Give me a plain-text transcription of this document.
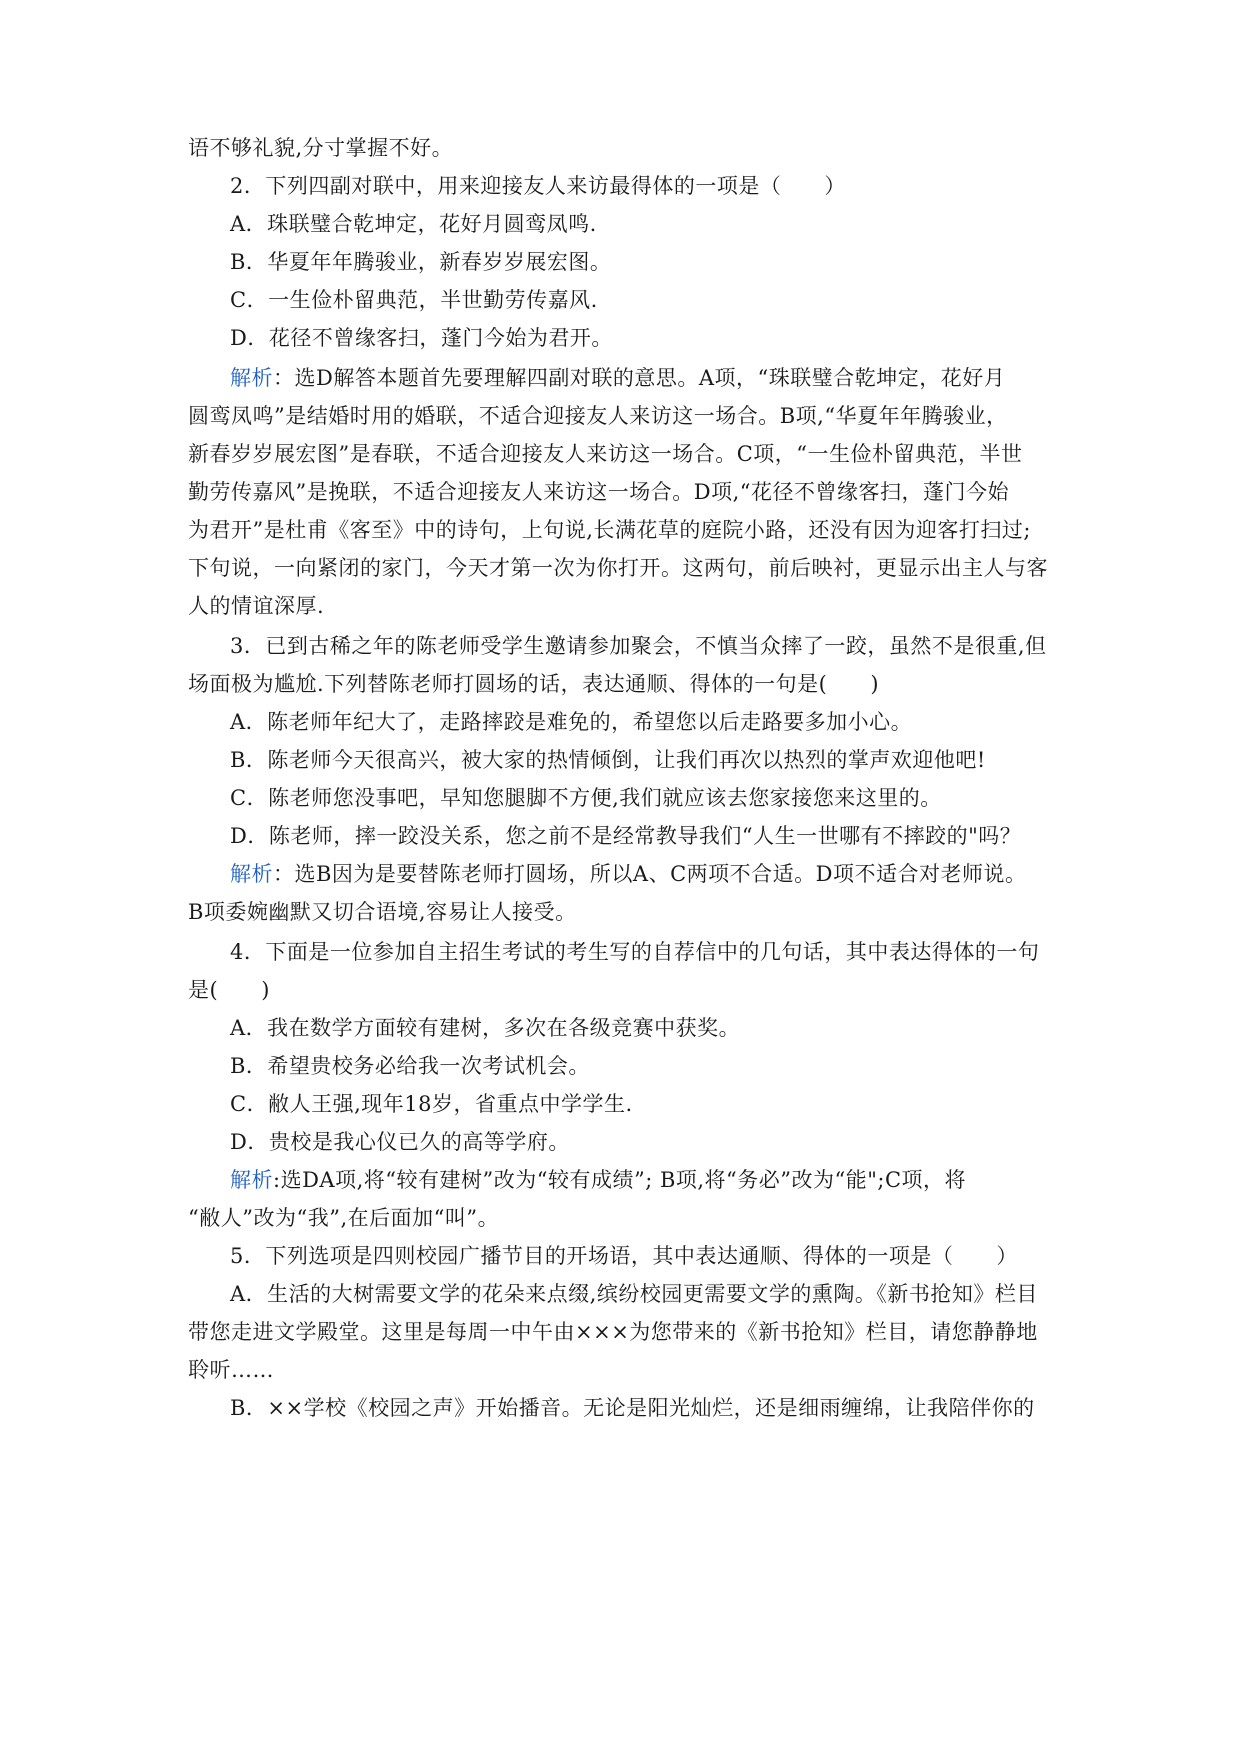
语不够礼貌,分寸掌握不好。
2．下列四副对联中，用来迎接友人来访最得体的一项是（　　）
A．珠联璧合乾坤定，花好月圆鸾凤鸣.
B．华夏年年腾骏业，新春岁岁展宏图。
C．一生俭朴留典范，半世勤劳传嘉风.
D．花径不曾缘客扫，蓬门今始为君开。
解析：选D解答本题首先要理解四副对联的意思。A项，“珠联璧合乾坤定，花好月
圆鸾凤鸣”是结婚时用的婚联，不适合迎接友人来访这一场合。B项,“华夏年年腾骏业，
新春岁岁展宏图”是春联，不适合迎接友人来访这一场合。C项，“一生俭朴留典范，半世
勤劳传嘉风”是挽联，不适合迎接友人来访这一场合。D项,“花径不曾缘客扫，蓬门今始
为君开”是杜甫《客至》中的诗句，上句说,长满花草的庭院小路，还没有因为迎客打扫过;
下句说，一向紧闭的家门，今天才第一次为你打开。这两句，前后映衬，更显示出主人与客
人的情谊深厚.
3．已到古稀之年的陈老师受学生邀请参加聚会，不慎当众摔了一跤，虽然不是很重,但
场面极为尴尬.下列替陈老师打圆场的话，表达通顺、得体的一句是(　　)
A．陈老师年纪大了，走路摔跤是难免的，希望您以后走路要多加小心。
B．陈老师今天很高兴，被大家的热情倾倒，让我们再次以热烈的掌声欢迎他吧!
C．陈老师您没事吧，早知您腿脚不方便,我们就应该去您家接您来这里的。
D．陈老师，摔一跤没关系，您之前不是经常教导我们“人生一世哪有不摔跤的"吗？
解析：选B因为是要替陈老师打圆场，所以A、C两项不合适。D项不适合对老师说。
B项委婉幽默又切合语境,容易让人接受。
4．下面是一位参加自主招生考试的考生写的自荐信中的几句话，其中表达得体的一句
是(　　)
A．我在数学方面较有建树，多次在各级竞赛中获奖。
B．希望贵校务必给我一次考试机会。
C．敝人王强,现年18岁，省重点中学学生.
D．贵校是我心仪已久的高等学府。
解析:选DA项,将“较有建树”改为“较有成绩”; B项,将“务必”改为“能";C项，将
“敝人”改为“我”,在后面加“叫”。
5．下列选项是四则校园广播节目的开场语，其中表达通顺、得体的一项是（　　）
A．生活的大树需要文学的花朵来点缀,缤纷校园更需要文学的熏陶。《新书抢知》栏目
带您走进文学殿堂。这里是每周一中午由×××为您带来的《新书抢知》栏目，请您静静地
聆听……
B．××学校《校园之声》开始播音。无论是阳光灿烂，还是细雨缠绵，让我陪伴你的
